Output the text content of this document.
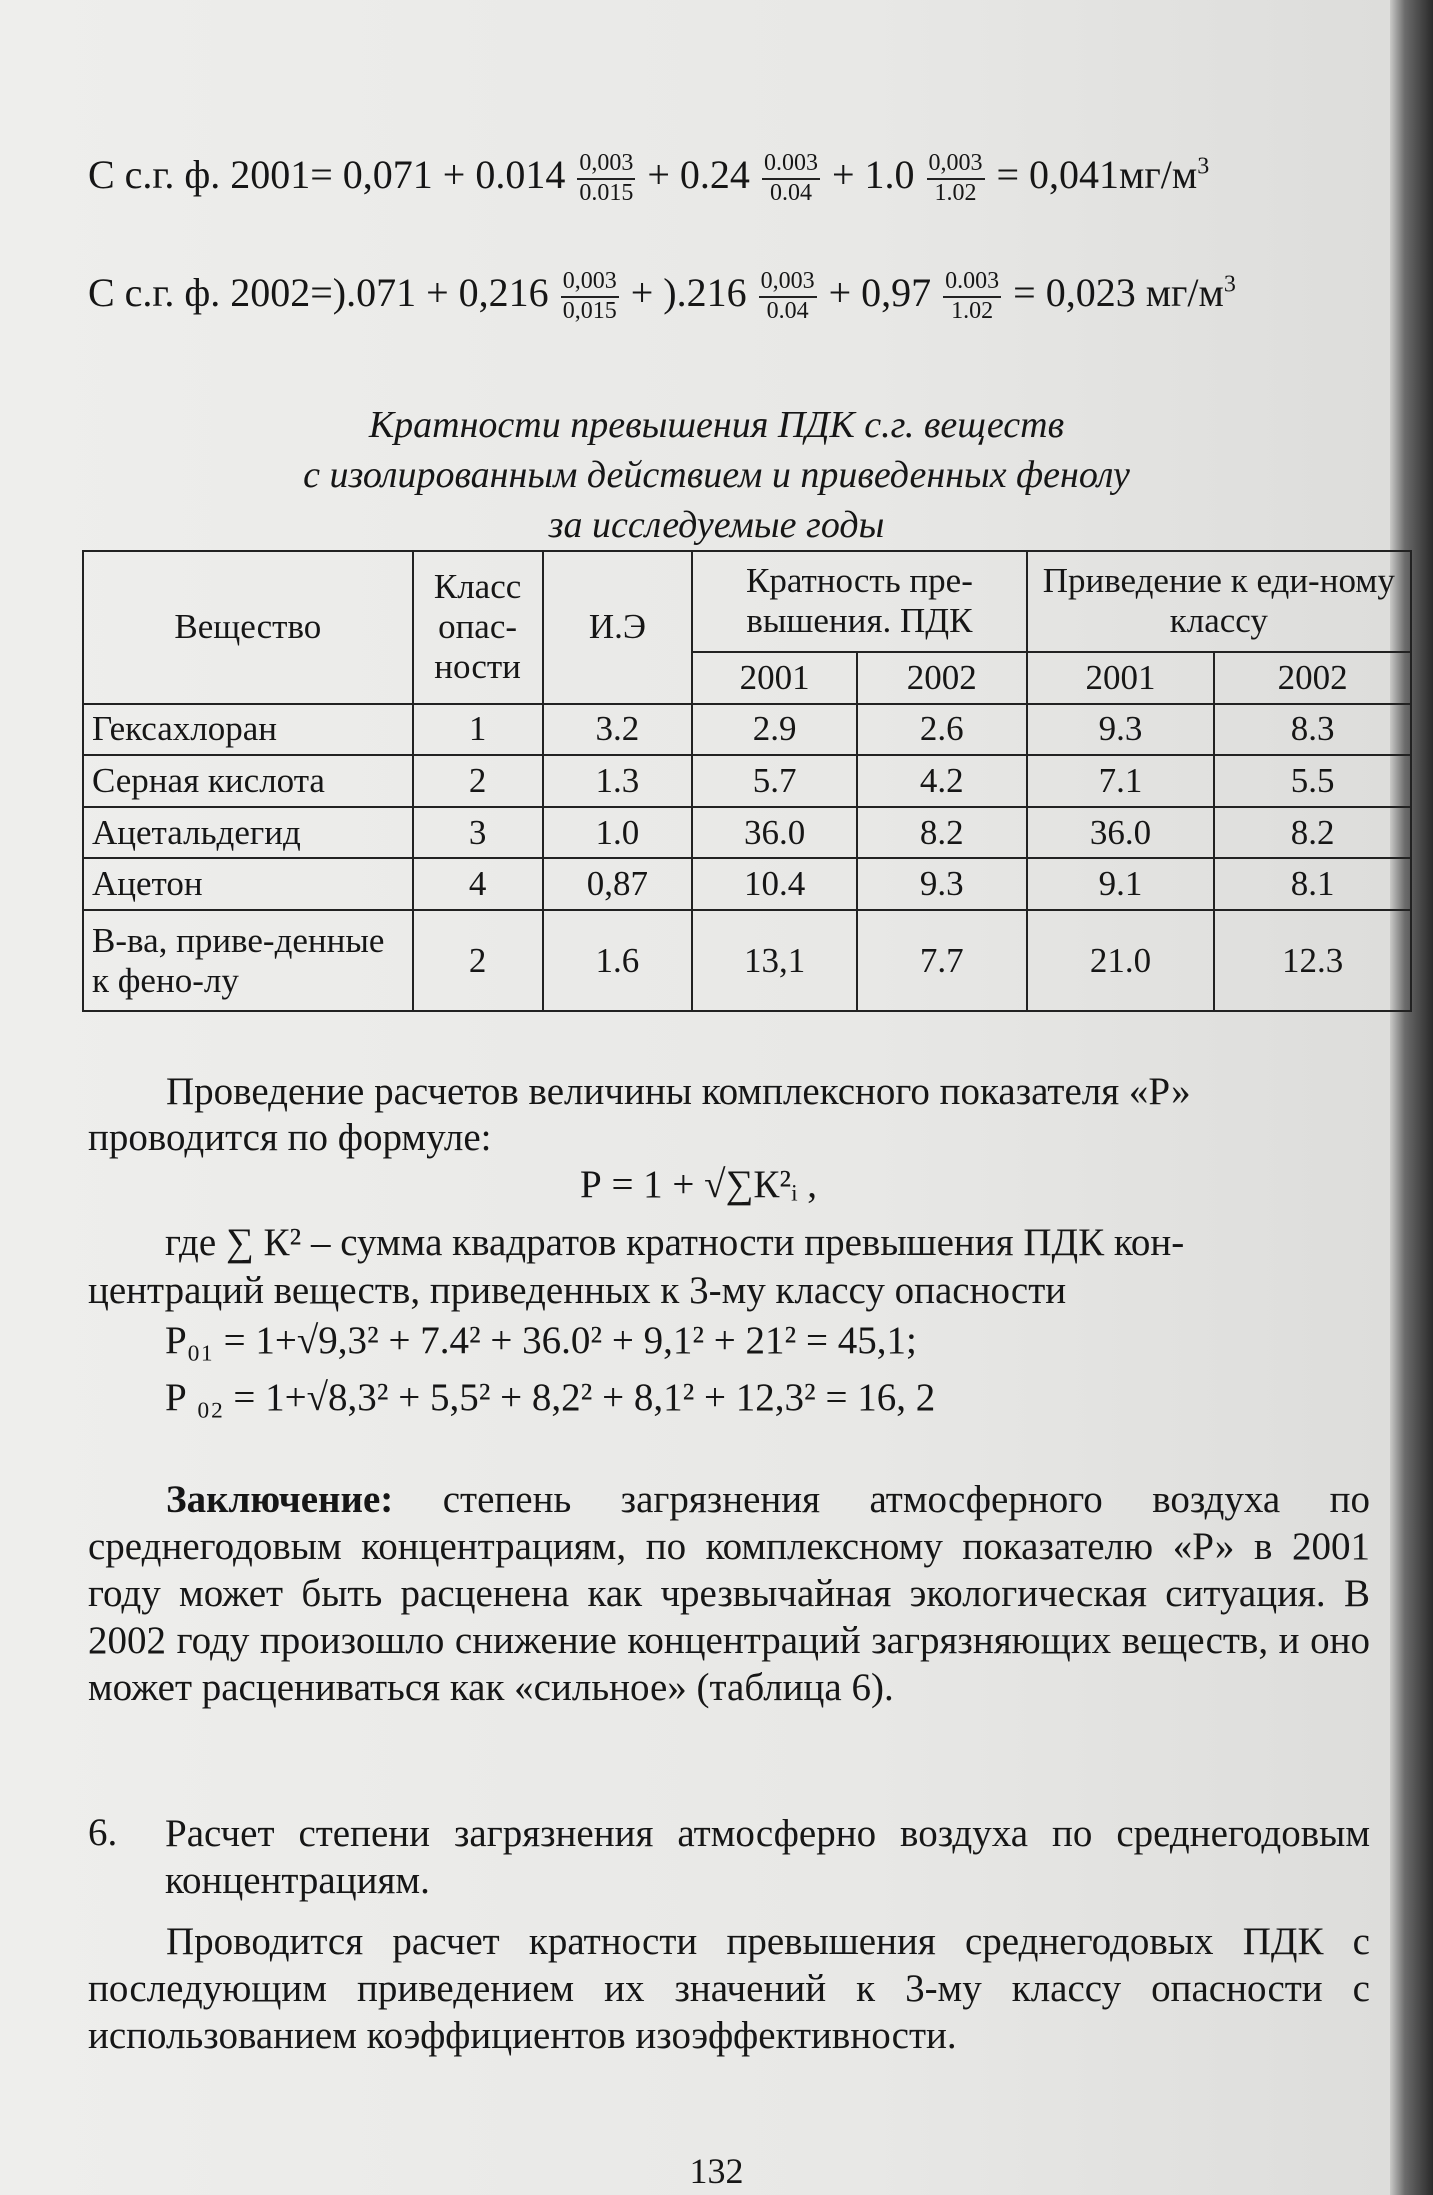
С с.г. ф. $2001= 0,071 + 0.014 \frac{0,003}{0.015} + 0.24 \frac{0.003}{0.04} + 1.0 \frac{0,003}{1.02} = 0,041мг/м^3$
С с.г. ф. $2002=).071 + 0,216 \frac{0,003}{0,015} + ).216 \frac{0,003}{0.04} + 0,97 \frac{0.003}{1.02} = 0,023$ $мг/м^3$
Кратности превышения ПДК с.г. веществ
с изолированным действием и приведенных фенолу
за исследуемые годы
Вещество	Класс опас-ности	И.Э	Кратность пре-вышения. ПДК		Приведение к еди-ному классу	
			2001	2002	2001	2002
Гексахлоран	1	3.2	2.9	2.6	9.3	8.3
Серная кислота	2	1.3	5.7	4.2	7.1	5.5
Ацетальдегид	3	1.0	36.0	8.2	36.0	8.2
Ацетон	4	0,87	10.4	9.3	9.1	8.1
В-ва, приве-денные к фено-лу	2	1.6	13,1	7.7	21.0	12.3
Проведение расчетов величины комплексного показателя «Р»

проводится по формуле:
Р = 1 + √∑К²ᵢ ,
где ∑ К² – сумма квадратов кратности превышения ПДК кон-
центраций веществ, приведенных к 3-му классу опасности
Р₀₁ = 1+√9,3² + 7.4² + 36.0² + 9,1² + 21² = 45,1;
Р ₀₂ = 1+√8,3² + 5,5² + 8,2² + 8,1² + 12,3² = 16, 2
Заключение: степень загрязнения атмосферного воздуха по среднегодовым концентрациям, по комплексному показателю «Р» в 2001 году может быть расценена как чрезвычайная экологическая ситуация. В 2002 году произошло снижение концентраций загрязняющих веществ, и оно может расцениваться как «сильное» (таблица 6).
6. Расчет степени загрязнения атмосферно воздуха по среднегодовым концентрациям.
Проводится расчет кратности превышения среднегодовых ПДК с последующим приведением их значений к 3-му классу опасности с использованием коэффициентов изоэффективности.
132
